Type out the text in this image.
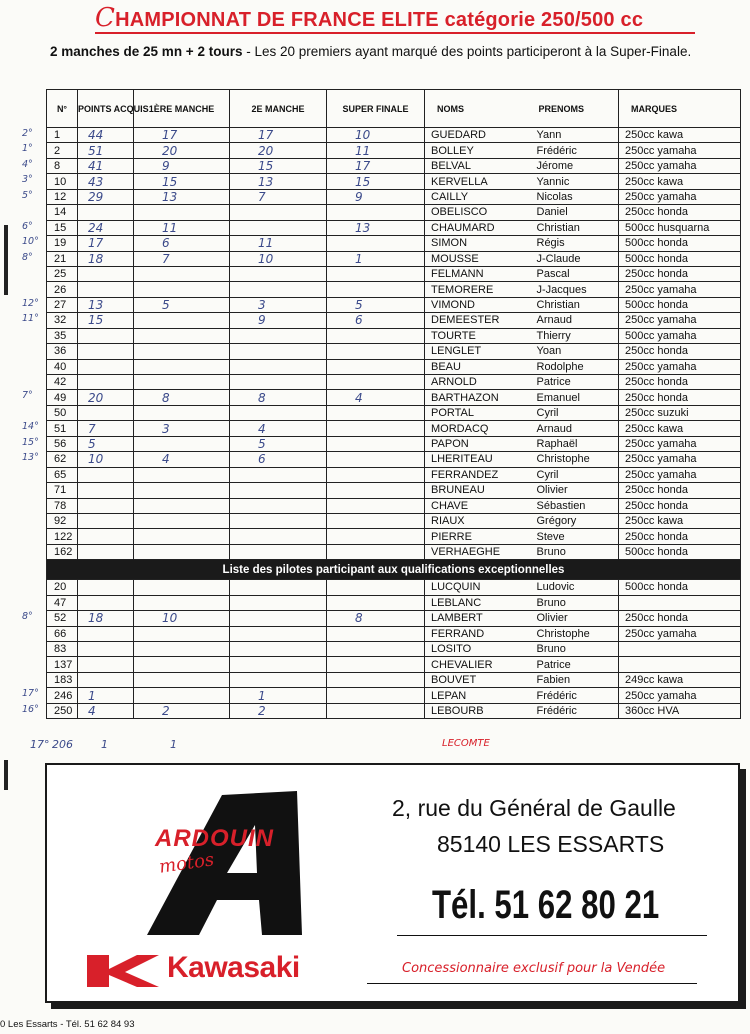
CHAMPIONNAT DE FRANCE ELITE catégorie 250/500 cc
2 manches de 25 mn + 2 tours - Les 20 premiers ayant marqué des points participeront à la Super-Finale.
N°	POINTS ACQUIS	1ÈRE MANCHE	2E MANCHE	SUPER FINALE	NOMS	PRENOMS	MARQUES
1	44	17	17	10	GUEDARD	Yann	250cc kawa
2	51	20	20	11	BOLLEY	Frédéric	250cc yamaha
8	41	9	15	17	BELVAL	Jérome	250cc yamaha
10	43	15	13	15	KERVELLA	Yannic	250cc kawa
12	29	13	7	9	CAILLY	Nicolas	250cc yamaha
14					OBELISCO	Daniel	250cc honda
15	24	11		13	CHAUMARD	Christian	500cc husquarna
19	17	6	11		SIMON	Régis	500cc honda
21	18	7	10	1	MOUSSE	J-Claude	500cc honda
25					FELMANN	Pascal	250cc honda
26					TEMORERE	J-Jacques	250cc yamaha
27	13	5	3	5	VIMOND	Christian	500cc honda
32	15		9	6	DEMEESTER	Arnaud	250cc yamaha
35					TOURTE	Thierry	500cc yamaha
36					LENGLET	Yoan	250cc honda
40					BEAU	Rodolphe	250cc yamaha
42					ARNOLD	Patrice	250cc honda
49	20	8	8	4	BARTHAZON	Emanuel	250cc honda
50					PORTAL	Cyril	250cc suzuki
51	7	3	4		MORDACQ	Arnaud	250cc kawa
56	5		5		PAPON	Raphaël	250cc yamaha
62	10	4	6		LHERITEAU	Christophe	250cc yamaha
65					FERRANDEZ	Cyril	250cc yamaha
71					BRUNEAU	Olivier	250cc honda
78					CHAVE	Sébastien	250cc honda
92					RIAUX	Grégory	250cc kawa
122					PIERRE	Steve	250cc honda
162					VERHAEGHE	Bruno	500cc honda
Liste des pilotes participant aux qualifications exceptionnelles							
20					LUCQUIN	Ludovic	500cc honda
47					LEBLANC	Bruno	
52	18	10		8	LAMBERT	Olivier	250cc honda
66					FERRAND	Christophe	250cc yamaha
83					LOSITO	Bruno	
137					CHEVALIER	Patrice	
183					BOUVET	Fabien	249cc kawa
246	1		1		LEPAN	Frédéric	250cc yamaha
250	4	2	2		LEBOURB	Frédéric	360cc HVA
2°
1°
4°
3°
5°
6°
10°
8°
12°
11°
7°
14°
15°
13°
8°
17°
16°
17° 206	1	1	LECOMTE
ARDOUIN
motos
2, rue du Général de Gaulle
85140 LES ESSARTS
Tél. 51 62 80 21
Kawasaki	Concessionnaire exclusif pour la Vendée
0 Les Essarts - Tél. 51 62 84 93
